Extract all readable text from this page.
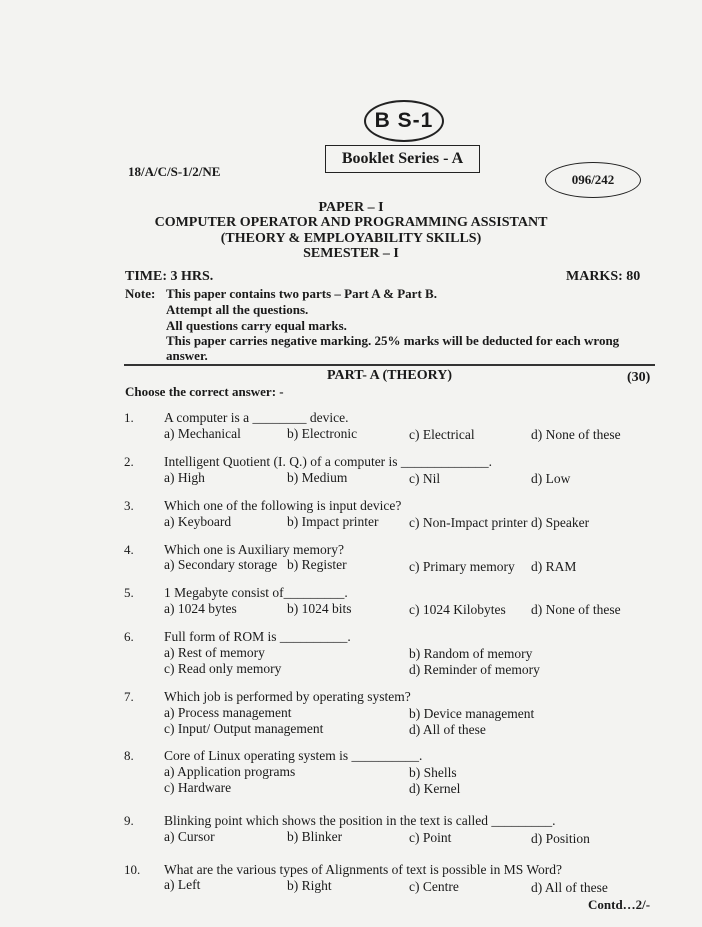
B S-1
Booklet Series - A
18/A/C/S-1/2/NE
096/242
PAPER – I
COMPUTER OPERATOR AND PROGRAMMING ASSISTANT
(THEORY & EMPLOYABILITY SKILLS)
SEMESTER – I
TIME: 3 HRS.	MARKS: 80
Note: This paper contains two parts – Part A & Part B.
Attempt all the questions.
All questions carry equal marks.
This paper carries negative marking. 25% marks will be deducted for each wrong
answer.
PART- A (THEORY)	(30)
Choose the correct answer: -
1. A computer is a ________ device.
a) Mechanical	b) Electronic	c) Electrical	d) None of these
2. Intelligent Quotient (I. Q.) of a computer is _____________.
a) High	b) Medium	c) Nil	d) Low
3. Which one of the following is input device?
a) Keyboard	b) Impact printer c) Non-Impact printer d) Speaker
4. Which one is Auxiliary memory?
a) Secondary storage b) Register	c) Primary memory d) RAM
5. 1 Megabyte consist of_________.
a) 1024 bytes	b) 1024 bits	c) 1024 Kilobytes d) None of these
6. Full form of ROM is __________.
a) Rest of memory	b) Random of memory
c) Read only memory	d) Reminder of memory
7. Which job is performed by operating system?
a) Process management	b) Device management
c) Input/ Output management	d) All of these
8. Core of Linux operating system is __________.
a) Application programs	b) Shells
c) Hardware	d) Kernel
9. Blinking point which shows the position in the text is called _________.
a) Cursor	b) Blinker	c) Point	d) Position
10. What are the various types of Alignments of text is possible in MS Word?
a) Left	b) Right	c) Centre	d) All of these
Contd…2/-
